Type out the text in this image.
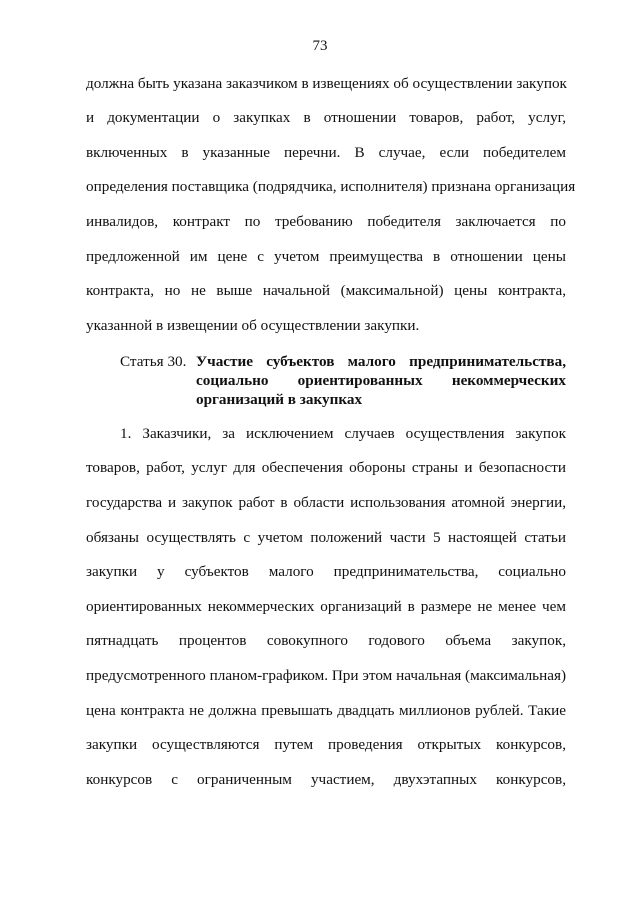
73
должна быть указана заказчиком в извещениях об осуществлении закупок
и документации о закупках в отношении товаров, работ, услуг,
включенных в указанные перечни. В случае, если победителем
определения поставщика (подрядчика, исполнителя) признана организация
инвалидов, контракт по требованию победителя заключается по
предложенной им цене с учетом преимущества в отношении цены
контракта, но не выше начальной (максимальной) цены контракта,
указанной в извещении об осуществлении закупки.
Статья 30. Участие субъектов малого предпринимательства,
социально ориентированных некоммерческих
организаций в закупках
1. Заказчики, за исключением случаев осуществления закупок
товаров, работ, услуг для обеспечения обороны страны и безопасности
государства и закупок работ в области использования атомной энергии,
обязаны осуществлять с учетом положений части 5 настоящей статьи
закупки у субъектов малого предпринимательства, социально
ориентированных некоммерческих организаций в размере не менее чем
пятнадцать процентов совокупного годового объема закупок,
предусмотренного планом-графиком. При этом начальная (максимальная)
цена контракта не должна превышать двадцать миллионов рублей. Такие
закупки осуществляются путем проведения открытых конкурсов,
конкурсов с ограниченным участием, двухэтапных конкурсов,
